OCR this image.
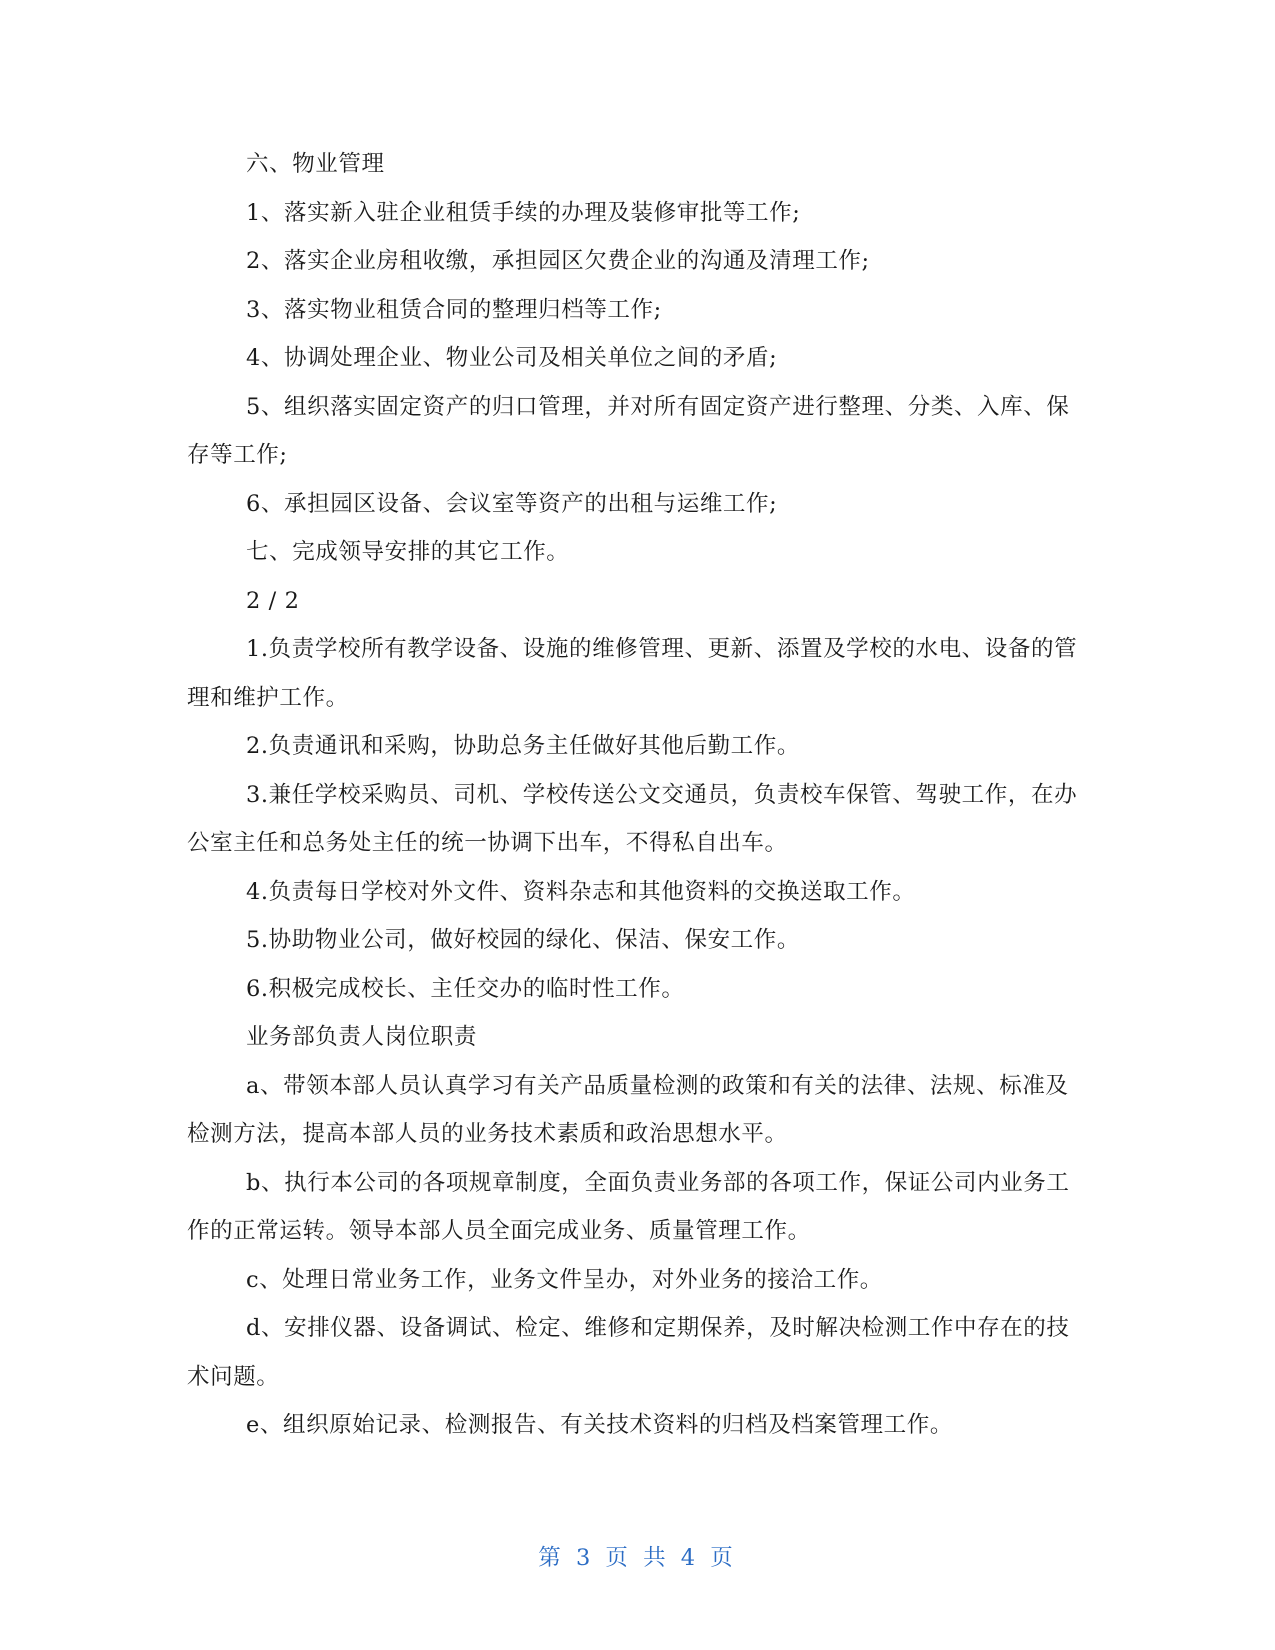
六、物业管理

1、落实新入驻企业租赁手续的办理及装修审批等工作;

2、落实企业房租收缴，承担园区欠费企业的沟通及清理工作;

3、落实物业租赁合同的整理归档等工作;

4、协调处理企业、物业公司及相关单位之间的矛盾;

5、组织落实固定资产的归口管理，并对所有固定资产进行整理、分类、入库、保存等工作;

6、承担园区设备、会议室等资产的出租与运维工作;

七、完成领导安排的其它工作。

2 / 2

1.负责学校所有教学设备、设施的维修管理、更新、添置及学校的水电、设备的管理和维护工作。

2.负责通讯和采购，协助总务主任做好其他后勤工作。

3.兼任学校采购员、司机、学校传送公文交通员，负责校车保管、驾驶工作，在办公室主任和总务处主任的统一协调下出车，不得私自出车。

4.负责每日学校对外文件、资料杂志和其他资料的交换送取工作。

5.协助物业公司，做好校园的绿化、保洁、保安工作。

6.积极完成校长、主任交办的临时性工作。

业务部负责人岗位职责

a、带领本部人员认真学习有关产品质量检测的政策和有关的法律、法规、标准及检测方法，提高本部人员的业务技术素质和政治思想水平。

b、执行本公司的各项规章制度，全面负责业务部的各项工作，保证公司内业务工作的正常运转。领导本部人员全面完成业务、质量管理工作。

c、处理日常业务工作，业务文件呈办，对外业务的接洽工作。

d、安排仪器、设备调试、检定、维修和定期保养，及时解决检测工作中存在的技术问题。

e、组织原始记录、检测报告、有关技术资料的归档及档案管理工作。

第 3 页 共 4 页
